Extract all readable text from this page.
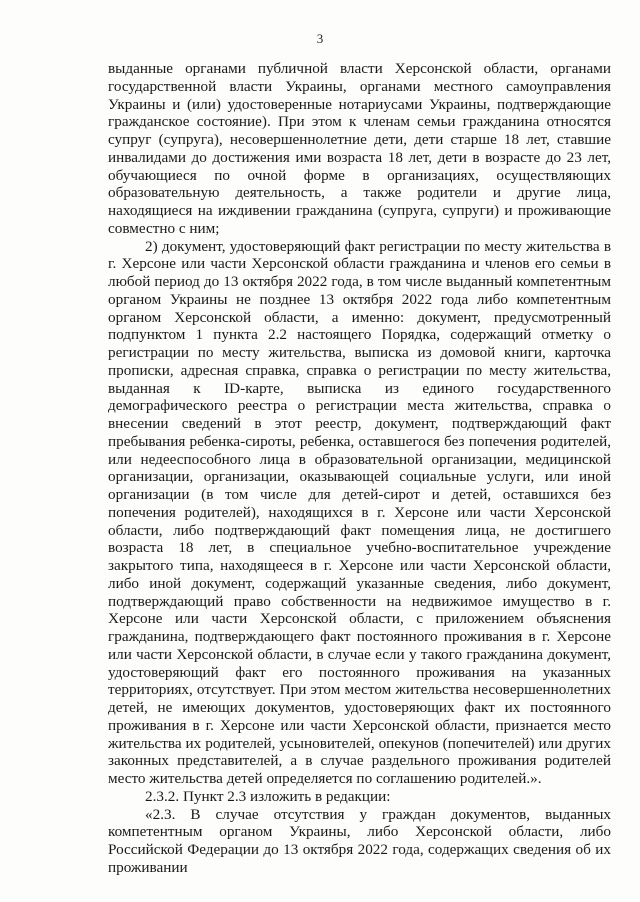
3

выданные органами публичной власти Херсонской области, органами государственной власти Украины, органами местного самоуправления Украины и (или) удостоверенные нотариусами Украины, подтверждающие гражданское состояние). При этом к членам семьи гражданина относятся супруг (супруга), несовершеннолетние дети, дети старше 18 лет, ставшие инвалидами до достижения ими возраста 18 лет, дети в возрасте до 23 лет, обучающиеся по очной форме в организациях, осуществляющих образовательную деятельность, а также родители и другие лица, находящиеся на иждивении гражданина (супруга, супруги) и проживающие совместно с ним;

2) документ, удостоверяющий факт регистрации по месту жительства в г. Херсоне или части Херсонской области гражданина и членов его семьи в любой период до 13 октября 2022 года, в том числе выданный компетентным органом Украины не позднее 13 октября 2022 года либо компетентным органом Херсонской области, а именно: документ, предусмотренный подпунктом 1 пункта 2.2 настоящего Порядка, содержащий отметку о регистрации по месту жительства, выписка из домовой книги, карточка прописки, адресная справка, справка о регистрации по месту жительства, выданная к ID-карте, выписка из единого государственного демографического реестра о регистрации места жительства, справка о внесении сведений в этот реестр, документ, подтверждающий факт пребывания ребенка-сироты, ребенка, оставшегося без попечения родителей, или недееспособного лица в образовательной организации, медицинской организации, организации, оказывающей социальные услуги, или иной организации (в том числе для детей-сирот и детей, оставшихся без попечения родителей), находящихся в г. Херсоне или части Херсонской области, либо подтверждающий факт помещения лица, не достигшего возраста 18 лет, в специальное учебно-воспитательное учреждение закрытого типа, находящееся в г. Херсоне или части Херсонской области, либо иной документ, содержащий указанные сведения, либо документ, подтверждающий право собственности на недвижимое имущество в г. Херсоне или части Херсонской области, с приложением объяснения гражданина, подтверждающего факт постоянного проживания в г. Херсоне или части Херсонской области, в случае если у такого гражданина документ, удостоверяющий факт его постоянного проживания на указанных территориях, отсутствует. При этом местом жительства несовершеннолетних детей, не имеющих документов, удостоверяющих факт их постоянного проживания в г. Херсоне или части Херсонской области, признается место жительства их родителей, усыновителей, опекунов (попечителей) или других законных представителей, а в случае раздельного проживания родителей место жительства детей определяется по соглашению родителей.».

2.3.2. Пункт 2.3 изложить в редакции:

«2.3. В случае отсутствия у граждан документов, выданных компетентным органом Украины, либо Херсонской области, либо Российской Федерации до 13 октября 2022 года, содержащих сведения об их проживании
